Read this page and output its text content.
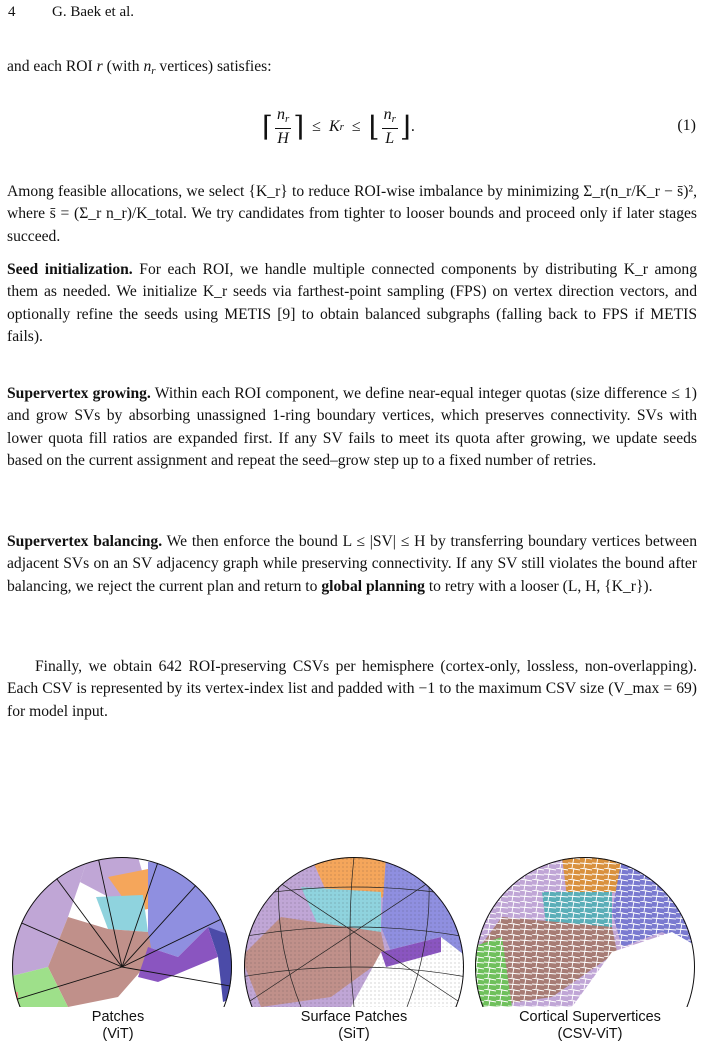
4 G. Baek et al.

and each ROI r (with $n_r$ vertices) satisfies:

⌈ $\frac{n_r}{H}$ ⌉ ≤ K r ≤ ⌊ $\frac{n_r}{L}$ ⌋ .	(1)

Among feasible allocations, we select {K_r} to reduce ROI-wise imbalance by minimizing Σ_r(n_r/K_r − s̄)², where s̄ = (Σ_r n_r)/K_total. We try candidates from tighter to looser bounds and proceed only if later stages succeed.

Seed initialization. For each ROI, we handle multiple connected components by distributing K_r among them as needed. We initialize K_r seeds via farthest-point sampling (FPS) on vertex direction vectors, and optionally refine the seeds using METIS [9] to obtain balanced subgraphs (falling back to FPS if METIS fails).

Supervertex growing. Within each ROI component, we define near-equal integer quotas (size difference ≤ 1) and grow SVs by absorbing unassigned 1-ring boundary vertices, which preserves connectivity. SVs with lower quota fill ratios are expanded first. If any SV fails to meet its quota after growing, we update seeds based on the current assignment and repeat the seed–grow step up to a fixed number of retries.

Supervertex balancing. We then enforce the bound L ≤ |SV| ≤ H by transferring boundary vertices between adjacent SVs on an SV adjacency graph while preserving connectivity. If any SV still violates the bound after balancing, we reject the current plan and return to global planning to retry with a looser (L, H, {K_r}).

Finally, we obtain 642 ROI-preserving CSVs per hemisphere (cortex-only, lossless, non-overlapping). Each CSV is represented by its vertex-index list and padded with −1 to the maximum CSV size (V_max = 69) for model input.

Patches
(ViT)
Surface Patches
(SiT)
Cortical Supervertices
(CSV-ViT)
